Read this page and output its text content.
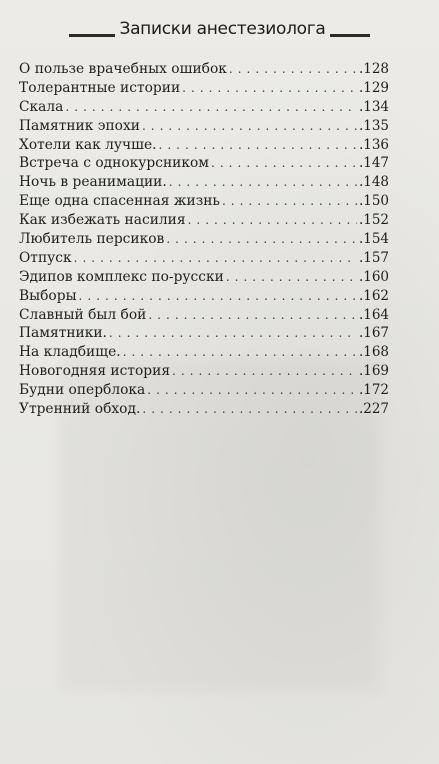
Записки анестезиолога
О пользе врачебных ошибок . . .	.128
Толерантные истории . . .	.129
Скала . . .	.134
Памятник эпохи . . .	.135
Хотели как лучше. . . .	.136
Встреча с однокурсником . . .	.147
Ночь в реанимации. . . .	.148
Еще одна спасенная жизнь . . .	.150
Как избежать насилия . . .	.152
Любитель персиков . . .	.154
Отпуск . . .	.157
Эдипов комплекс по-русски . . .	.160
Выборы . . .	.162
Славный был бой . . .	.164
Памятники. . . .	.167
На кладбище. . . .	.168
Новогодняя история . . .	.169
Будни оперблока . . .	.172
Утренний обход. . . .	.227
